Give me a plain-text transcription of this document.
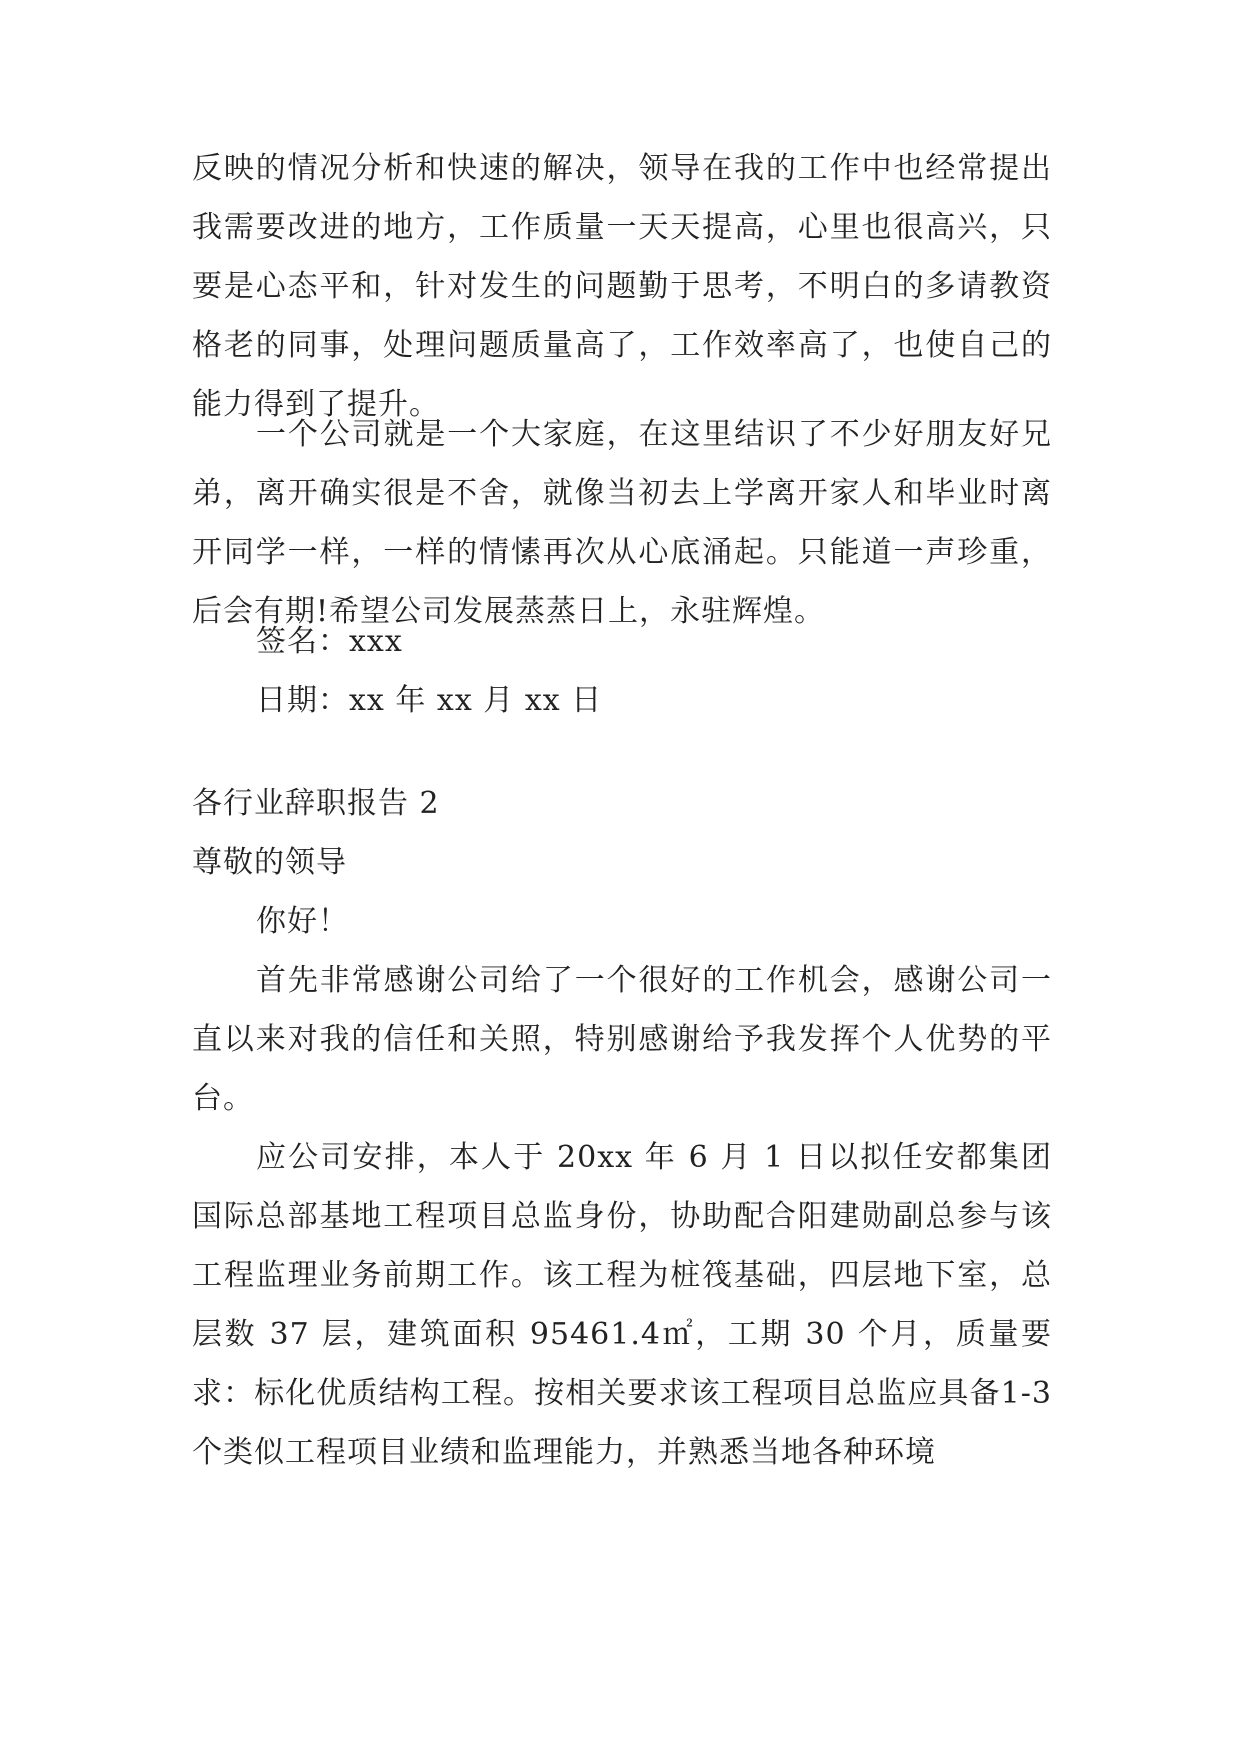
反映的情况分析和快速的解决，领导在我的工作中也经常提出我需要改进的地方，工作质量一天天提高，心里也很高兴，只要是心态平和，针对发生的问题勤于思考，不明白的多请教资格老的同事，处理问题质量高了，工作效率高了，也使自己的能力得到了提升。

一个公司就是一个大家庭，在这里结识了不少好朋友好兄弟，离开确实很是不舍，就像当初去上学离开家人和毕业时离开同学一样，一样的情愫再次从心底涌起。只能道一声珍重，后会有期!希望公司发展蒸蒸日上，永驻辉煌。

签名：xxx
日期：xx 年 xx 月 xx 日
各行业辞职报告 2
尊敬的领导
你好！

首先非常感谢公司给了一个很好的工作机会，感谢公司一直以来对我的信任和关照，特别感谢给予我发挥个人优势的平台。

应公司安排，本人于 20xx 年 6 月 1 日以拟任安都集团国际总部基地工程项目总监身份，协助配合阳建勋副总参与该工程监理业务前期工作。该工程为桩筏基础，四层地下室，总层数 37 层，建筑面积 95461.4㎡，工期 30 个月，质量要求：标化优质结构工程。按相关要求该工程项目总监应具备1-3 个类似工程项目业绩和监理能力，并熟悉当地各种环境
